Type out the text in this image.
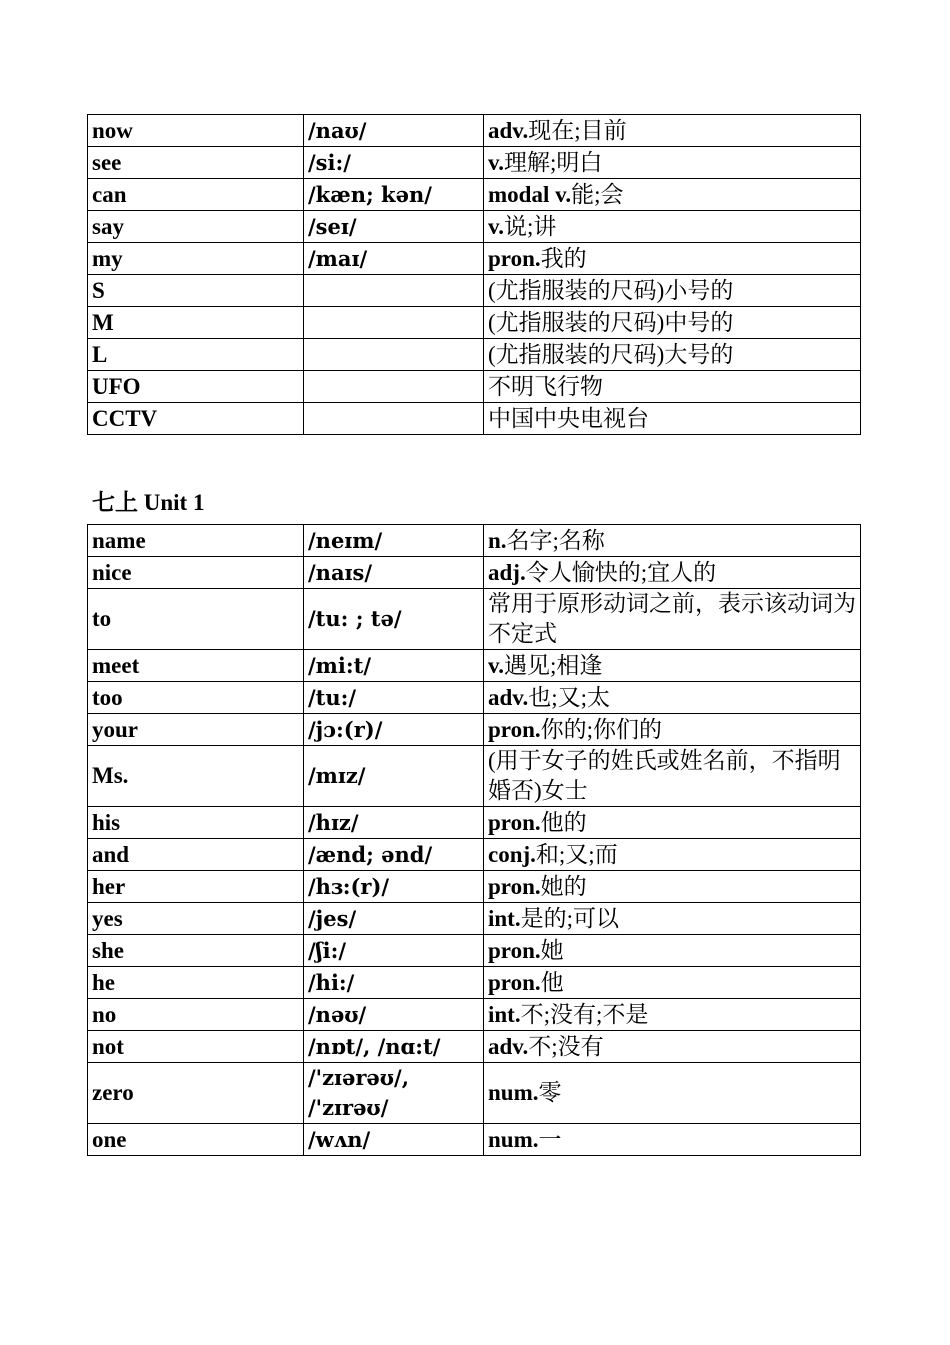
now	/naʊ/	adv.现在;目前
see	/si:/	v.理解;明白
can	/kæn; kən/	modal v.能;会
say	/seɪ/	v.说;讲
my	/maɪ/	pron.我的
S		(尤指服装的尺码)小号的
M		(尤指服装的尺码)中号的
L		(尤指服装的尺码)大号的
UFO		不明飞行物
CCTV		中国中央电视台
七上 Unit 1
name	/neɪm/	n.名字;名称
nice	/naɪs/	adj.令人愉快的;宜人的
to	/tu: ; tə/	常用于原形动词之前，表示该动词为不定式
meet	/mi:t/	v.遇见;相逢
too	/tu:/	adv.也;又;太
your	/jɔ:(r)/	pron.你的;你们的
Ms.	/mɪz/	(用于女子的姓氏或姓名前，不指明婚否)女士
his	/hɪz/	pron.他的
and	/ænd; ənd/	conj.和;又;而
her	/hɜ:(r)/	pron.她的
yes	/jes/	int.是的;可以
she	/ʃi:/	pron.她
he	/hi:/	pron.他
no	/nəʊ/	int.不;没有;不是
not	/nɒt/, /nɑ:t/	adv.不;没有
zero	/'zɪərəʊ/, /'zɪrəʊ/	num.零
one	/wʌn/	num.一
